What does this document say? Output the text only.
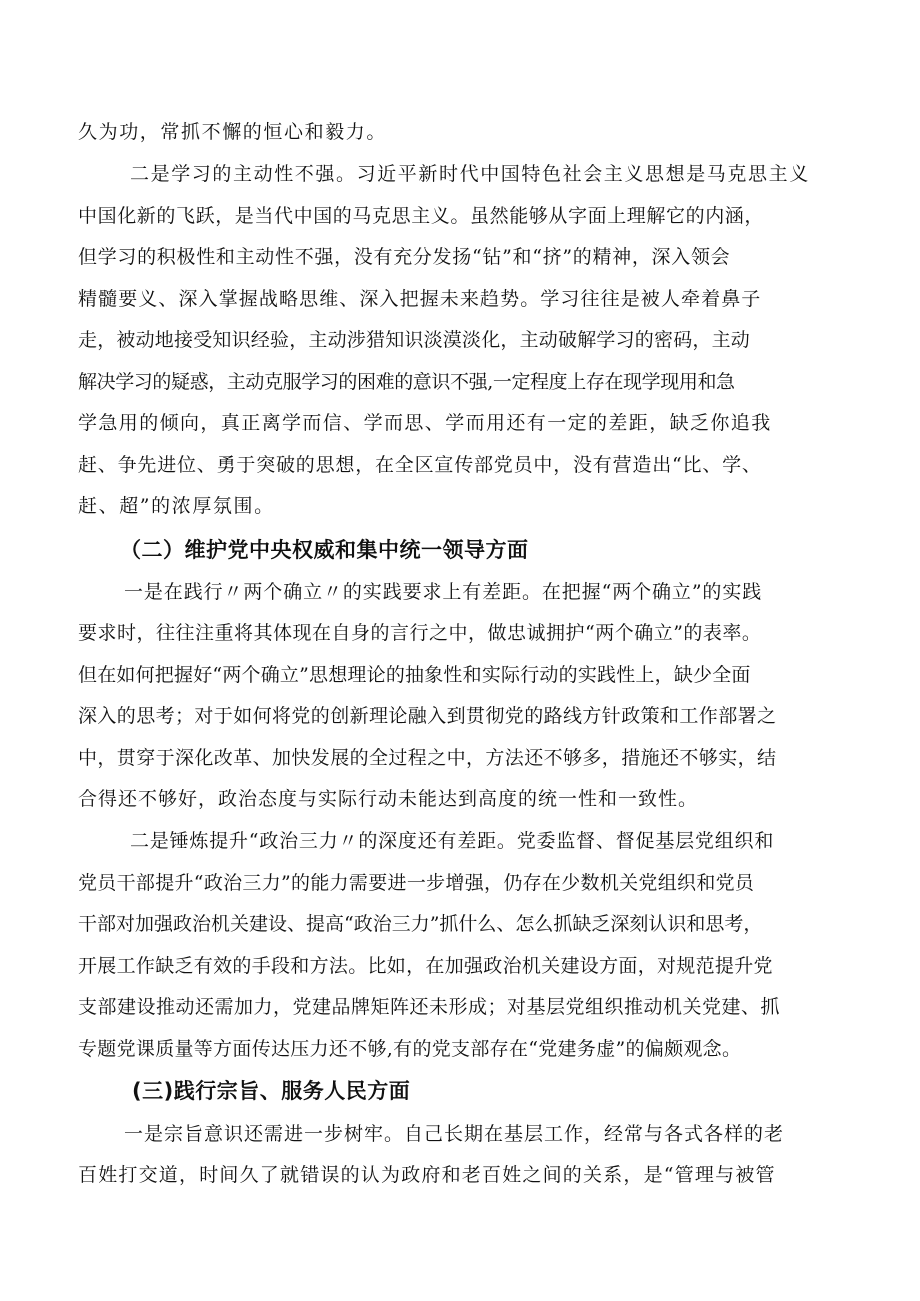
久为功，常抓不懈的恒心和毅力。
二是学习的主动性不强。习近平新时代中国特色社会主义思想是马克思主义
中国化新的飞跃，是当代中国的马克思主义。虽然能够从字面上理解它的内涵，
但学习的积极性和主动性不强，没有充分发扬“钻”和“挤”的精神，深入领会
精髓要义、深入掌握战略思维、深入把握未来趋势。学习往往是被人牵着鼻子
走，被动地接受知识经验，主动涉猎知识淡漠淡化，主动破解学习的密码，主动
解决学习的疑惑，主动克服学习的困难的意识不强,一定程度上存在现学现用和急
学急用的倾向，真正离学而信、学而思、学而用还有一定的差距，缺乏你追我
赶、争先进位、勇于突破的思想，在全区宣传部党员中，没有营造出“比、学、
赶、超”的浓厚氛围。
（二）维护党中央权威和集中统一领导方面
一是在践行〃两个确立〃的实践要求上有差距。在把握“两个确立”的实践
要求时，往往注重将其体现在自身的言行之中，做忠诚拥护“两个确立”的表率。
但在如何把握好“两个确立”思想理论的抽象性和实际行动的实践性上，缺少全面
深入的思考；对于如何将党的创新理论融入到贯彻党的路线方针政策和工作部署之
中，贯穿于深化改革、加快发展的全过程之中，方法还不够多，措施还不够实，结
合得还不够好，政治态度与实际行动未能达到高度的统一性和一致性。
二是锤炼提升“政治三力〃的深度还有差距。党委监督、督促基层党组织和
党员干部提升“政治三力”的能力需要进一步增强，仍存在少数机关党组织和党员
干部对加强政治机关建设、提高“政治三力”抓什么、怎么抓缺乏深刻认识和思考，
开展工作缺乏有效的手段和方法。比如，在加强政治机关建设方面，对规范提升党
支部建设推动还需加力，党建品牌矩阵还未形成；对基层党组织推动机关党建、抓
专题党课质量等方面传达压力还不够,有的党支部存在“党建务虚”的偏颇观念。
(三)践行宗旨、服务人民方面
一是宗旨意识还需进一步树牢。自己长期在基层工作，经常与各式各样的老
百姓打交道，时间久了就错误的认为政府和老百姓之间的关系，是“管理与被管
